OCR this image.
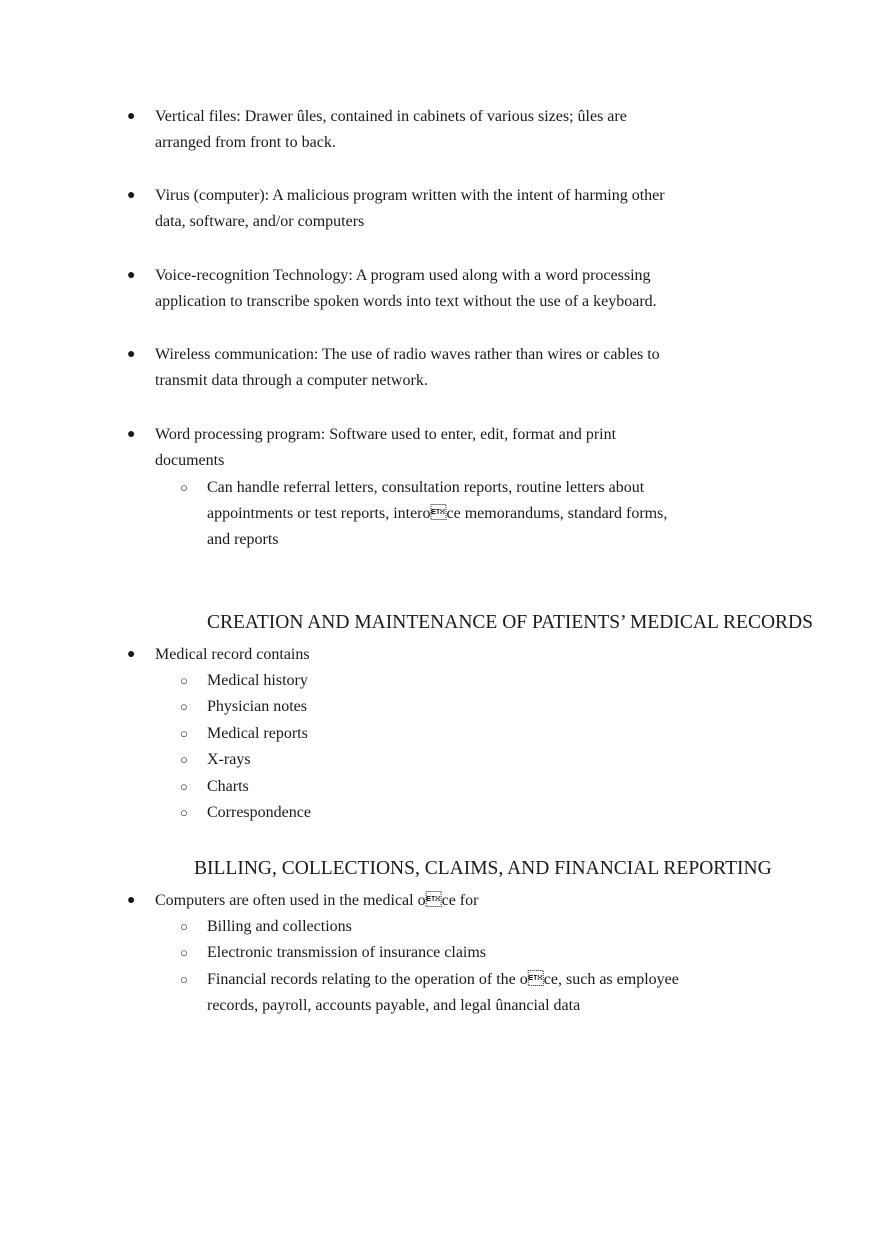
● Vertical files: Drawer ûles, contained in cabinets of various sizes; ûles are
arranged from front to back.
● Virus (computer): A malicious program written with the intent of harming other
data, software, and/or computers
● Voice-recognition Technology: A program used along with a word processing
application to transcribe spoken words into text without the use of a keyboard.
● Wireless communication: The use of radio waves rather than wires or cables to
transmit data through a computer network.
● Word processing program: Software used to enter, edit, format and print
documents
○ Can handle referral letters, consultation reports, routine letters about
appointments or test reports, interoce memorandums, standard forms,
and reports
CREATION AND MAINTENANCE OF PATIENTS’ MEDICAL RECORDS
● Medical record contains
○ Medical history
○ Physician notes
○ Medical reports
○ X-rays
○ Charts
○ Correspondence
BILLING, COLLECTIONS, CLAIMS, AND FINANCIAL REPORTING
● Computers are often used in the medical oce for
○ Billing and collections
○ Electronic transmission of insurance claims
○ Financial records relating to the operation of the oce, such as employee
records, payroll, accounts payable, and legal ûnancial data
